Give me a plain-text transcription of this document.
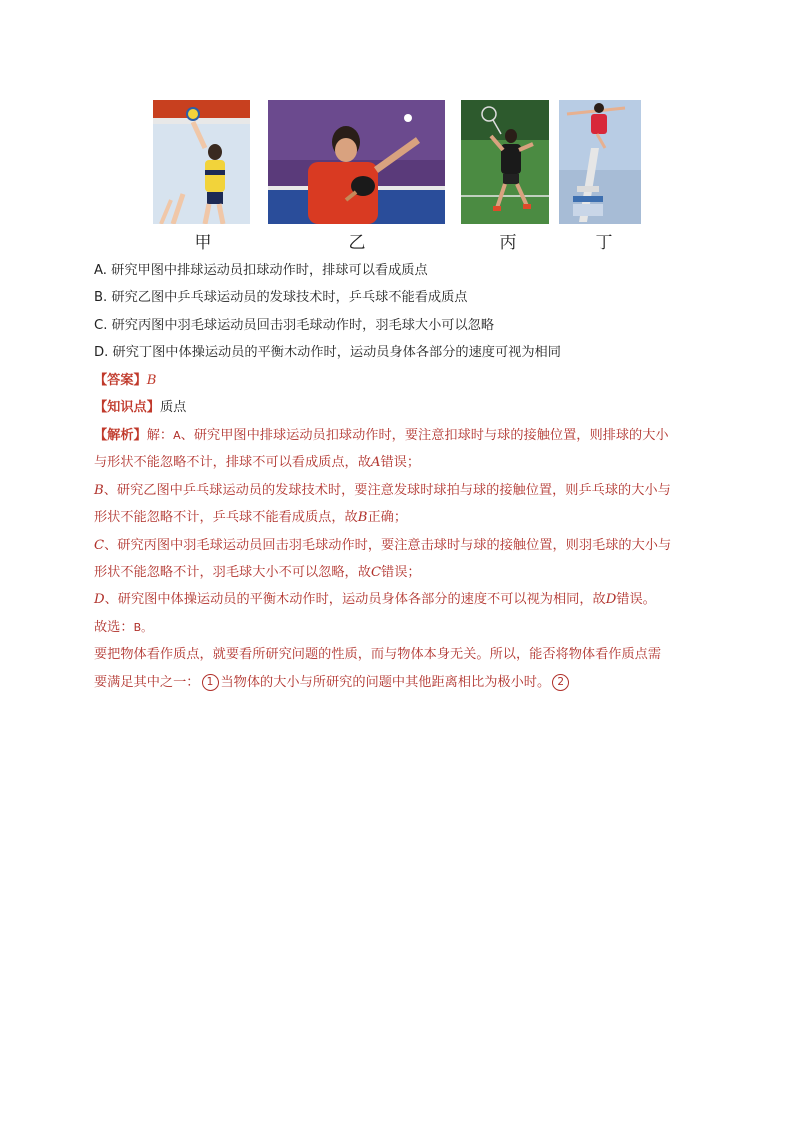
甲	乙	丙	丁
A. 研究甲图中排球运动员扣球动作时，排球可以看成质点
B. 研究乙图中乒乓球运动员的发球技术时，乒乓球不能看成质点
C. 研究丙图中羽毛球运动员回击羽毛球动作时，羽毛球大小可以忽略
D. 研究丁图中体操运动员的平衡木动作时，运动员身体各部分的速度可视为相同
【答案】B
【知识点】质点
【解析】解：A、研究甲图中排球运动员扣球动作时，要注意扣球时与球的接触位置，则排球的大小
与形状不能忽略不计，排球不可以看成质点，故A错误；
B、研究乙图中乒乓球运动员的发球技术时，要注意发球时球拍与球的接触位置，则乒乓球的大小与
形状不能忽略不计，乒乓球不能看成质点，故B正确；
C、研究丙图中羽毛球运动员回击羽毛球动作时，要注意击球时与球的接触位置，则羽毛球的大小与
形状不能忽略不计，羽毛球大小不可以忽略，故C错误；
D、研究图中体操运动员的平衡木动作时，运动员身体各部分的速度不可以视为相同，故D错误。
故选：B。
要把物体看作质点，就要看所研究问题的性质，而与物体本身无关。所以，能否将物体看作质点需
要满足其中之一： 1 当物体的大小与所研究的问题中其他距离相比为极小时。 2
